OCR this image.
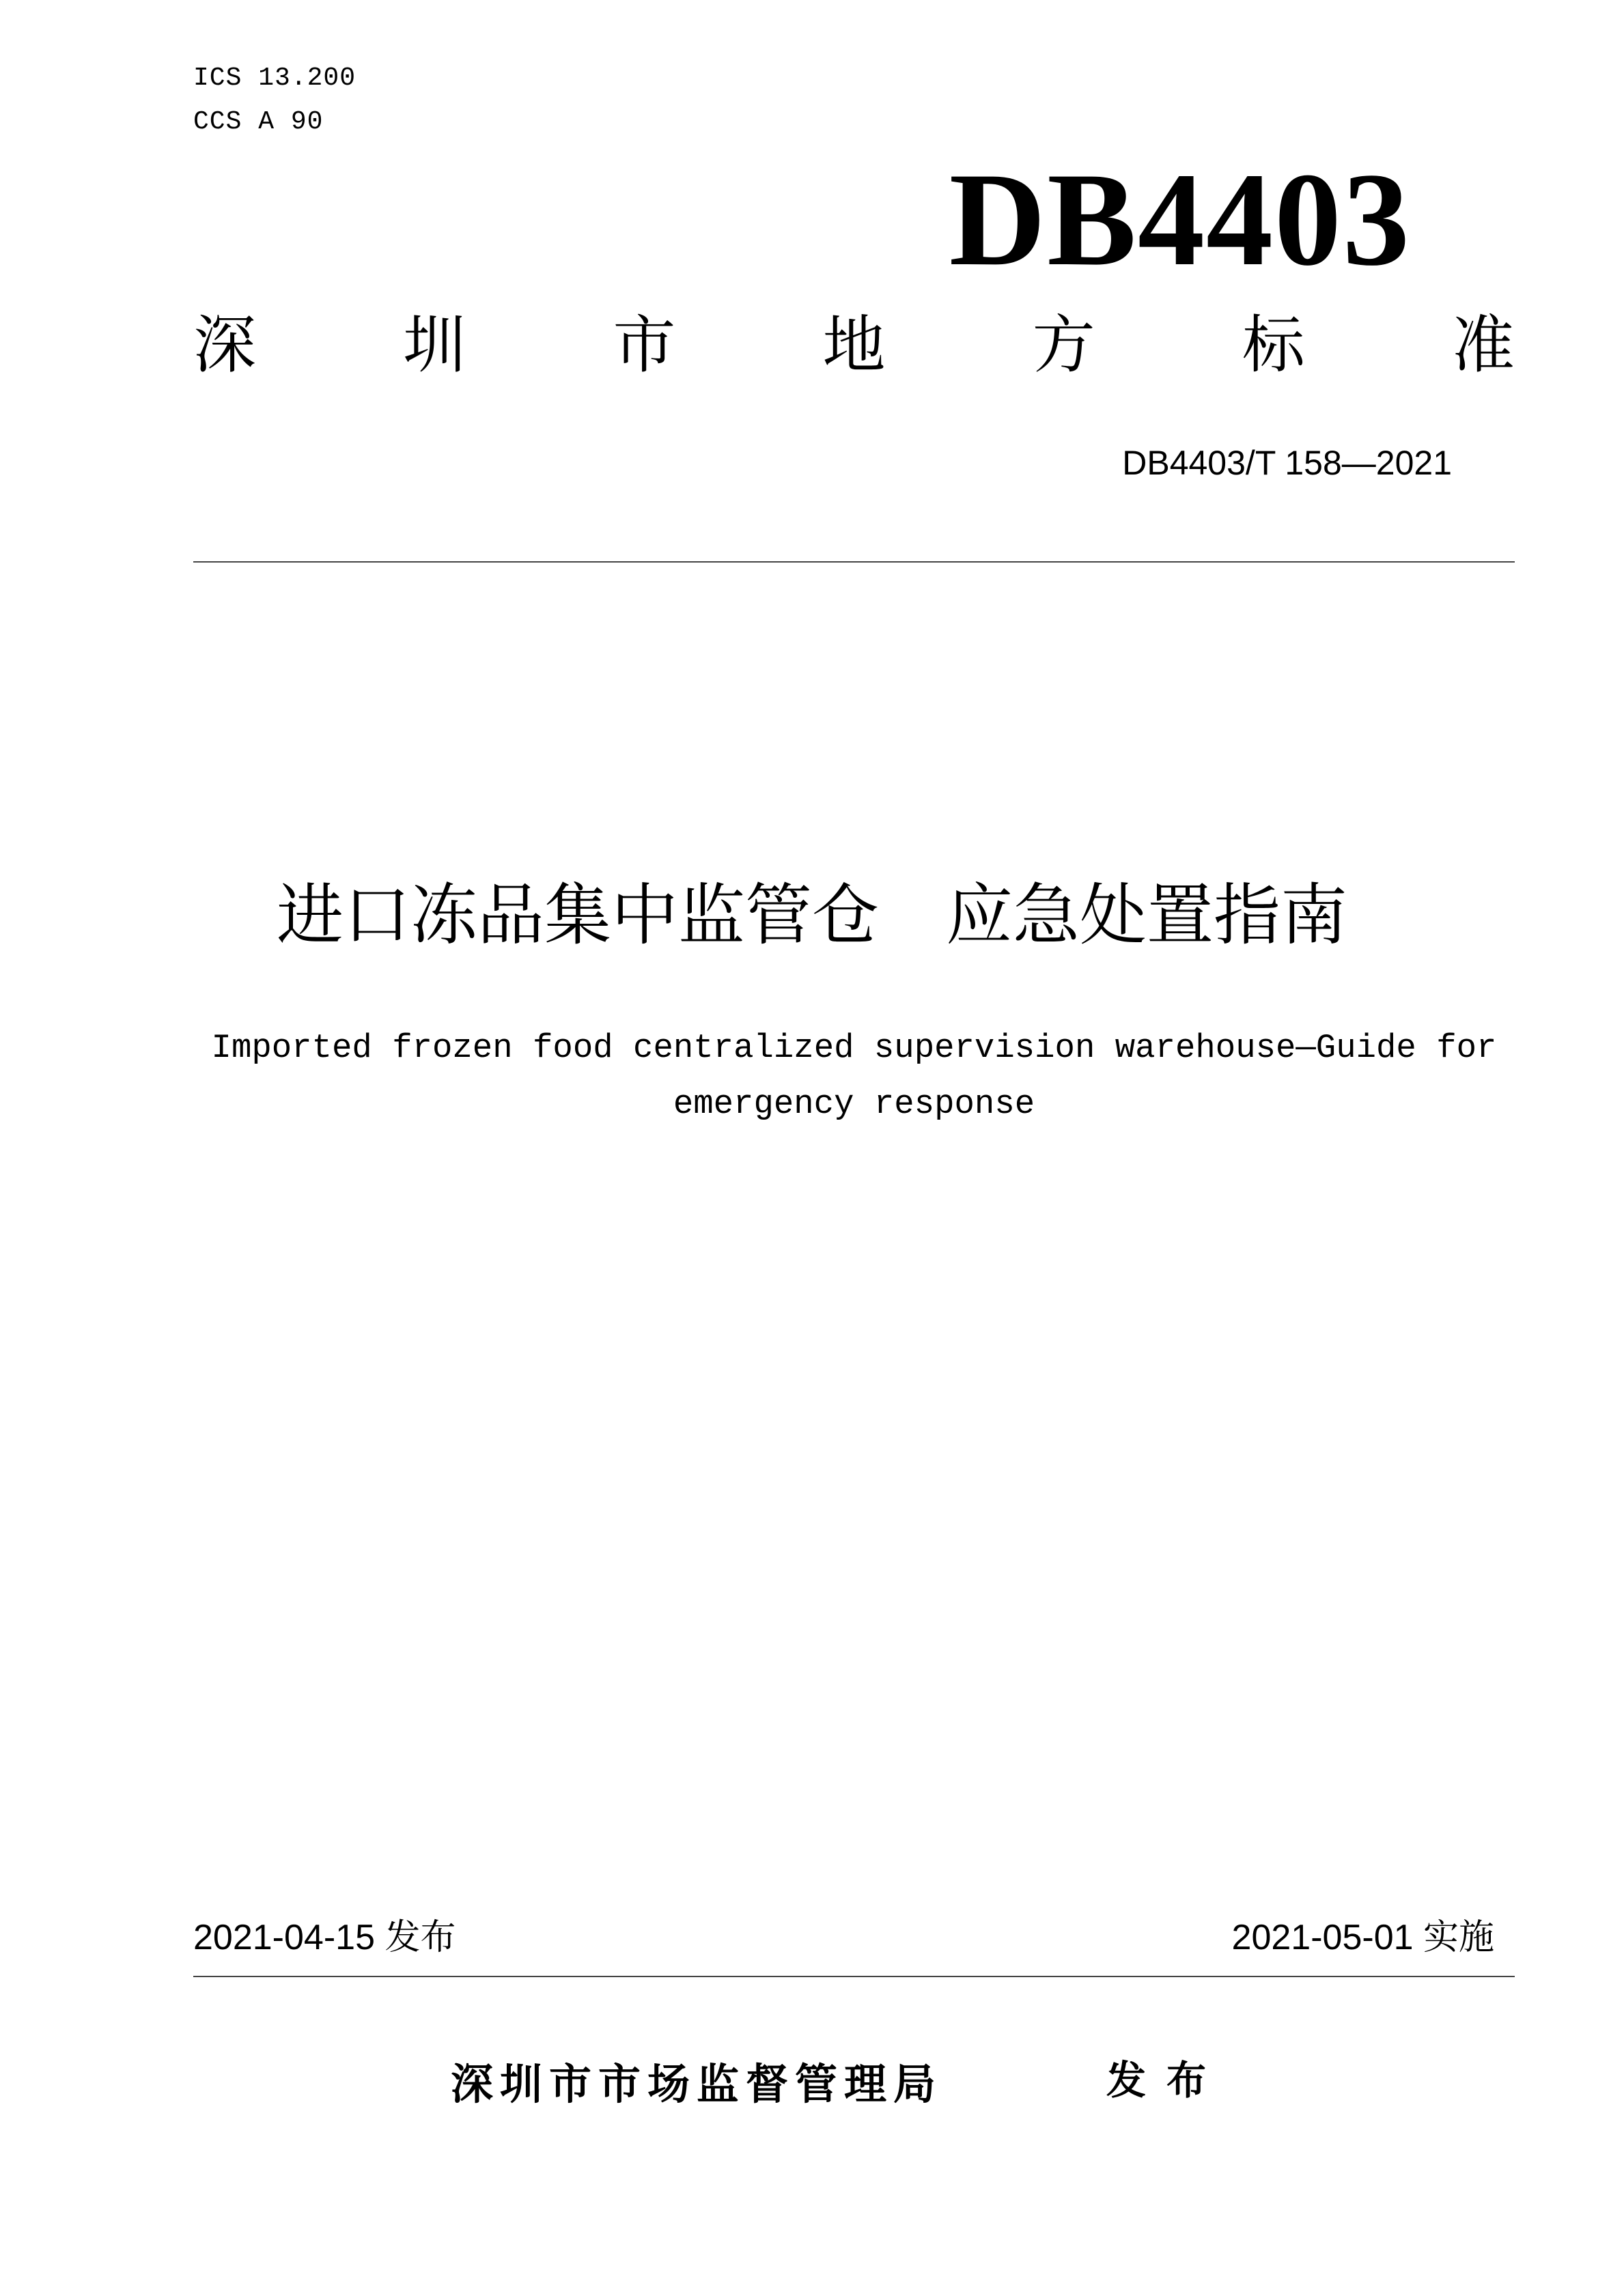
ICS 13.200
CCS A 90
DB4403
深 圳 市 地 方 标 准
DB4403/T 158—2021
进口冻品集中监管仓　应急处置指南
Imported frozen food centralized supervision warehouse—Guide for emergency response
2021-04-15 发布	2021-05-01 实施
深圳市市场监督管理局	发布
